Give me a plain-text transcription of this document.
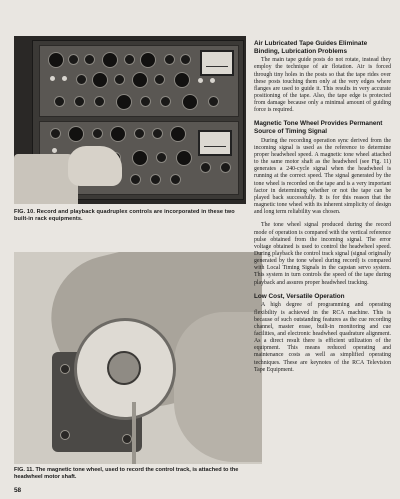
FIG. 10. Record and playback quadruplex controls are incorporated in these two built-in rack equipments.
FIG. 11. The magnetic tone wheel, used to record the control track, is attached to the headwheel motor shaft.
Air Lubricated Tape Guides Eliminate Binding, Lubrication Problems

The main tape guide posts do not rotate, instead they employ the technique of air flotation. Air is forced through tiny holes in the posts so that the tape rides over these posts touching them only at the very edges where flanges are used to guide it. This results in very accurate positioning of the tape. Also, the tape edge is protected from damage because only a minimal amount of guiding force is required.

Magnetic Tone Wheel Provides Permanent Source of Timing Signal

During the recording operation sync derived from the incoming signal is used as the reference to determine proper headwheel speed. A magnetic tone wheel attached to the same motor shaft as the headwheel (see Fig. 11) generates a 240-cycle signal when the headwheel is running at the correct speed. The signal generated by the tone wheel is recorded on the tape and is a very important factor in determining whether or not the tape can be played back successfully. It is for this reason that the magnetic tone wheel with its inherent simplicity of design and long term reliability was chosen.

The tone wheel signal produced during the record mode of operation is compared with the vertical reference pulse obtained from the incoming signal. The error voltage obtained is used to control the headwheel speed. During playback the control track signal (signal originally generated by the tone wheel during record) is compared with Local Timing Signals in the capstan servo system. This system in turn controls the speed of the tape during playback and assures proper headwheel tracking.

Low Cost, Versatile Operation

A high degree of programming and operating flexibility is achieved in the RCA machine. This is because of such outstanding features as the cue recording channel, master erase, built-in monitoring and cue facilities, and electronic headwheel quadrature alignment. As a direct result there is efficient utilization of the equipment. This means reduced operating and maintenance costs as well as simplified operating techniques. These are keynotes of the RCA Television Tape Equipment.

58
